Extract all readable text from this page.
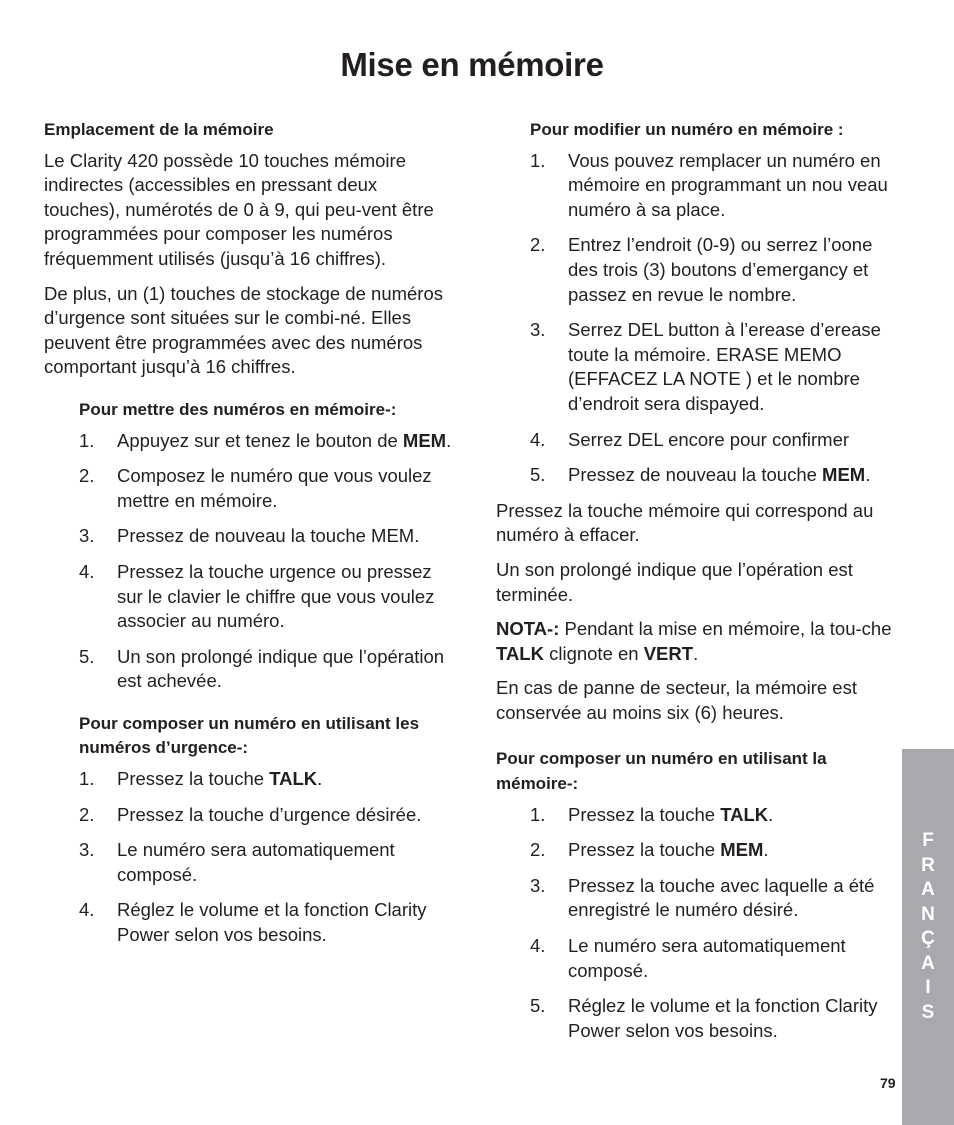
Mise en mémoire

Emplacement de la mémoire

Le Clarity 420 possède 10 touches mémoire indirectes (accessibles en pressant deux touches), numérotés de 0 à 9, qui peu-vent être programmées pour composer les numéros fréquemment utilisés (jusqu’à 16 chiffres).

De plus, un (1) touches de stockage de numéros d’urgence sont situées sur le combi-né. Elles peuvent être programmées avec des numéros comportant jusqu’à 16 chiffres.

Pour mettre des numéros en mémoire-:

1.	Appuyez sur et tenez le bouton de MEM.
2.	Composez le numéro que vous voulez mettre en mémoire.
3.	Pressez de nouveau la touche MEM.
4.	Pressez la touche urgence ou pressez sur le clavier le chiffre que vous voulez associer au numéro.
5.	Un son prolongé indique que l’opération est achevée.

Pour composer un numéro en utilisant les numéros d’urgence-:

1.	Pressez la touche TALK.
2.	Pressez la touche d’urgence désirée.
3.	Le numéro sera automatiquement composé.
4.	Réglez le volume et la fonction Clarity Power selon vos besoins.

Pour modifier un numéro en mémoire :

1.	Vous pouvez remplacer un numéro en mémoire en programmant un nou veau numéro à sa place.
2.	Entrez l’endroit (0-9) ou serrez l’oone des trois (3) boutons d’emergancy et passez en revue le nombre.
3.	Serrez DEL button à l’erease d’erease toute la mémoire. ERASE MEMO (EFFACEZ LA NOTE ) et le nombre d’endroit sera dispayed.
4.	Serrez DEL encore pour confirmer
5.	Pressez de nouveau la touche MEM.

Pressez la touche mémoire qui correspond au numéro à effacer.

Un son prolongé indique que l’opération est terminée.

NOTA-: Pendant la mise en mémoire, la tou-che TALK clignote en VERT.

En cas de panne de secteur, la mémoire est conservée au moins six (6) heures.

Pour composer un numéro en utilisant la mémoire-:

1.	Pressez la touche TALK.
2.	Pressez la touche MEM.
3.	Pressez la touche avec laquelle a été enregistré le numéro désiré.
4.	Le numéro sera automatiquement composé.
5.	Réglez le volume et la fonction Clarity Power selon vos besoins.
F
R
A
N
Ç
A
I
S
79
